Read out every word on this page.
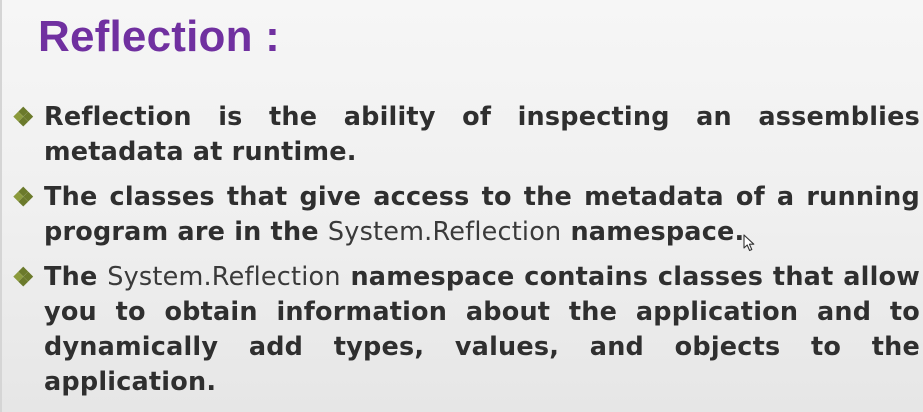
Reflection :

Reflection is the ability of inspecting an assemblies metadata at runtime.

The classes that give access to the metadata of a running program are in the System.Reflection namespace.

The System.Reflection namespace contains classes that allow you to obtain information about the application and to dynamically add types, values, and objects to the application.
